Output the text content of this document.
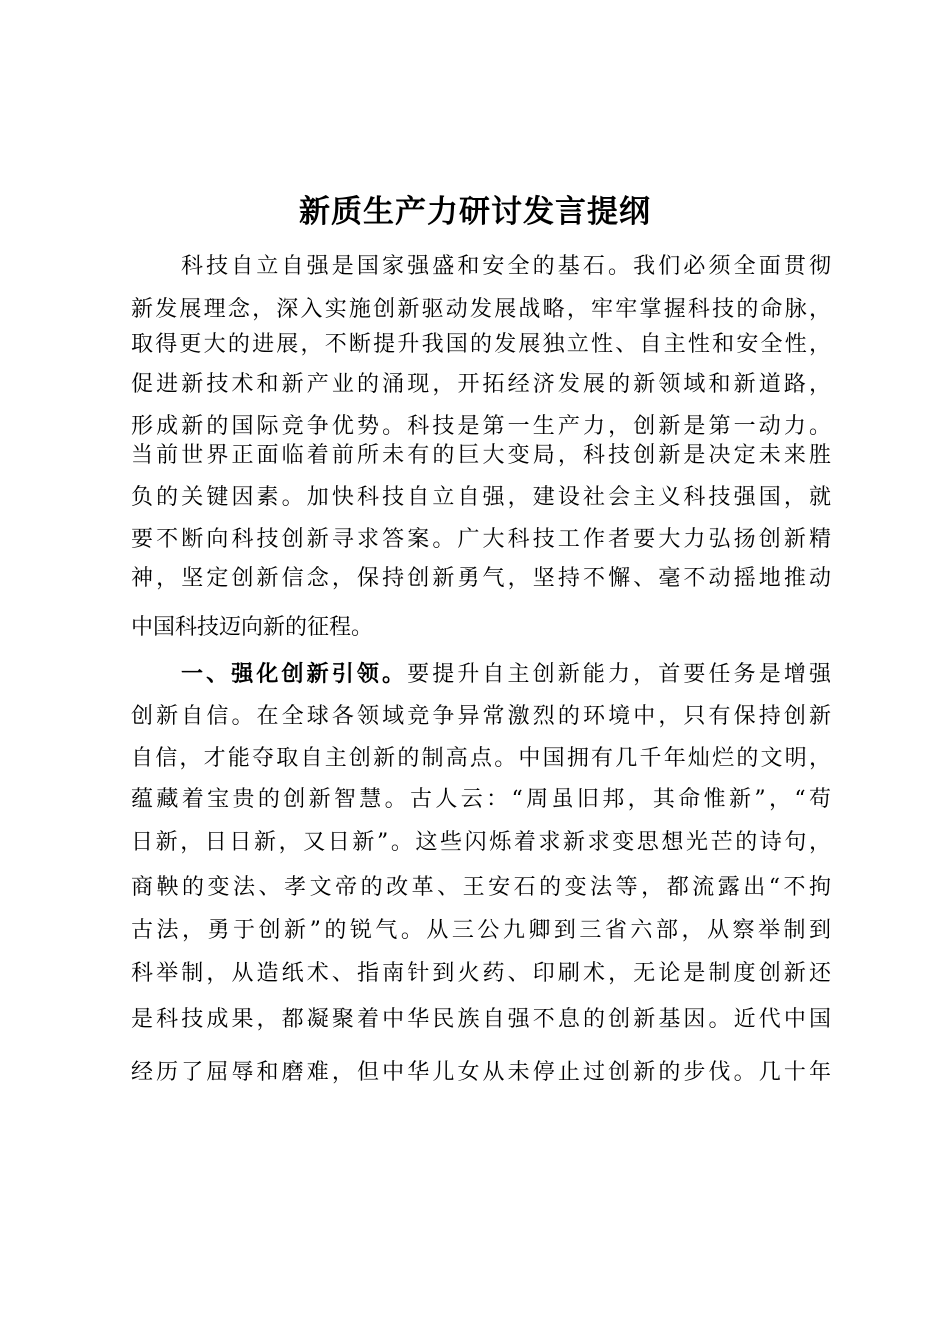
新质生产力研讨发言提纲
科技自立自强是国家强盛和安全的基石。我们必须全面贯彻
新发展理念，深入实施创新驱动发展战略，牢牢掌握科技的命脉，
取得更大的进展，不断提升我国的发展独立性、自主性和安全性，
促进新技术和新产业的涌现，开拓经济发展的新领域和新道路，
形成新的国际竞争优势。科技是第一生产力，创新是第一动力。
当前世界正面临着前所未有的巨大变局，科技创新是决定未来胜
负的关键因素。加快科技自立自强，建设社会主义科技强国，就
要不断向科技创新寻求答案。广大科技工作者要大力弘扬创新精
神，坚定创新信念，保持创新勇气，坚持不懈、毫不动摇地推动
中国科技迈向新的征程。
一、强化创新引领。要提升自主创新能力，首要任务是增强
创新自信。在全球各领域竞争异常激烈的环境中，只有保持创新
自信，才能夺取自主创新的制高点。中国拥有几千年灿烂的文明，
蕴藏着宝贵的创新智慧。古人云：“周虽旧邦，其命惟新”，“苟
日新，日日新，又日新”。这些闪烁着求新求变思想光芒的诗句，
商鞅的变法、孝文帝的改革、王安石的变法等，都流露出“不拘
古法，勇于创新”的锐气。从三公九卿到三省六部，从察举制到
科举制，从造纸术、指南针到火药、印刷术，无论是制度创新还
是科技成果，都凝聚着中华民族自强不息的创新基因。近代中国
经历了屈辱和磨难，但中华儿女从未停止过创新的步伐。几十年
